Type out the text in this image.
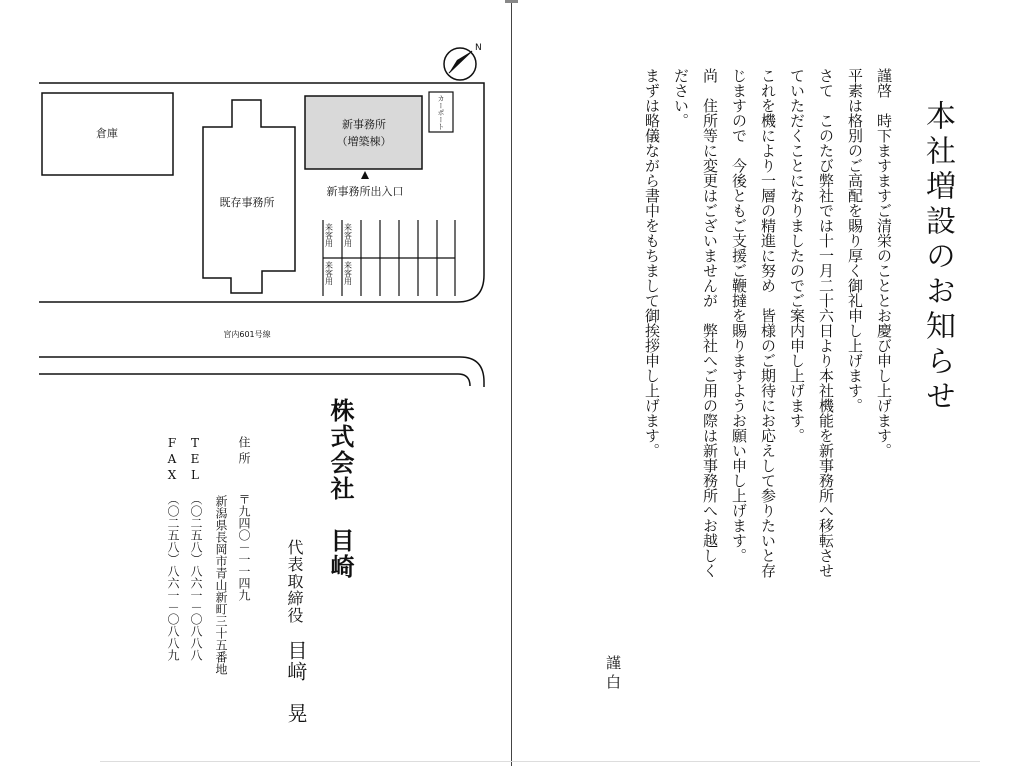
N
倉庫
既存事務所
新事務所
（増築棟）
カーポート
新事務所出入口
来客用 来客用
来客用 来客用
宮内601号線
株式会社　目崎
代表取締役
目﨑　晃
住所
〒九四〇－一一四九
新潟県長岡市青山新町三十五番地
TEL
（〇二五八）八六一－〇八八八
FAX
（〇二五八）八六一－〇八八九
本社増設のお知らせ
謹啓　時下ますますご清栄のこととお慶び申し上げます。
平素は格別のご高配を賜り厚く御礼申し上げます。
さて　このたび弊社では十一月二十六日より本社機能を新事務所へ移転させ
ていただくことになりましたのでご案内申し上げます。
これを機により一層の精進に努め　皆様のご期待にお応えして参りたいと存
じますので　今後ともご支援ご鞭撻を賜りますようお願い申し上げます。
尚　住所等に変更はございませんが　弊社へご用の際は新事務所へお越しく
ださい。
まずは略儀ながら書中をもちまして御挨拶申し上げます。
謹白
